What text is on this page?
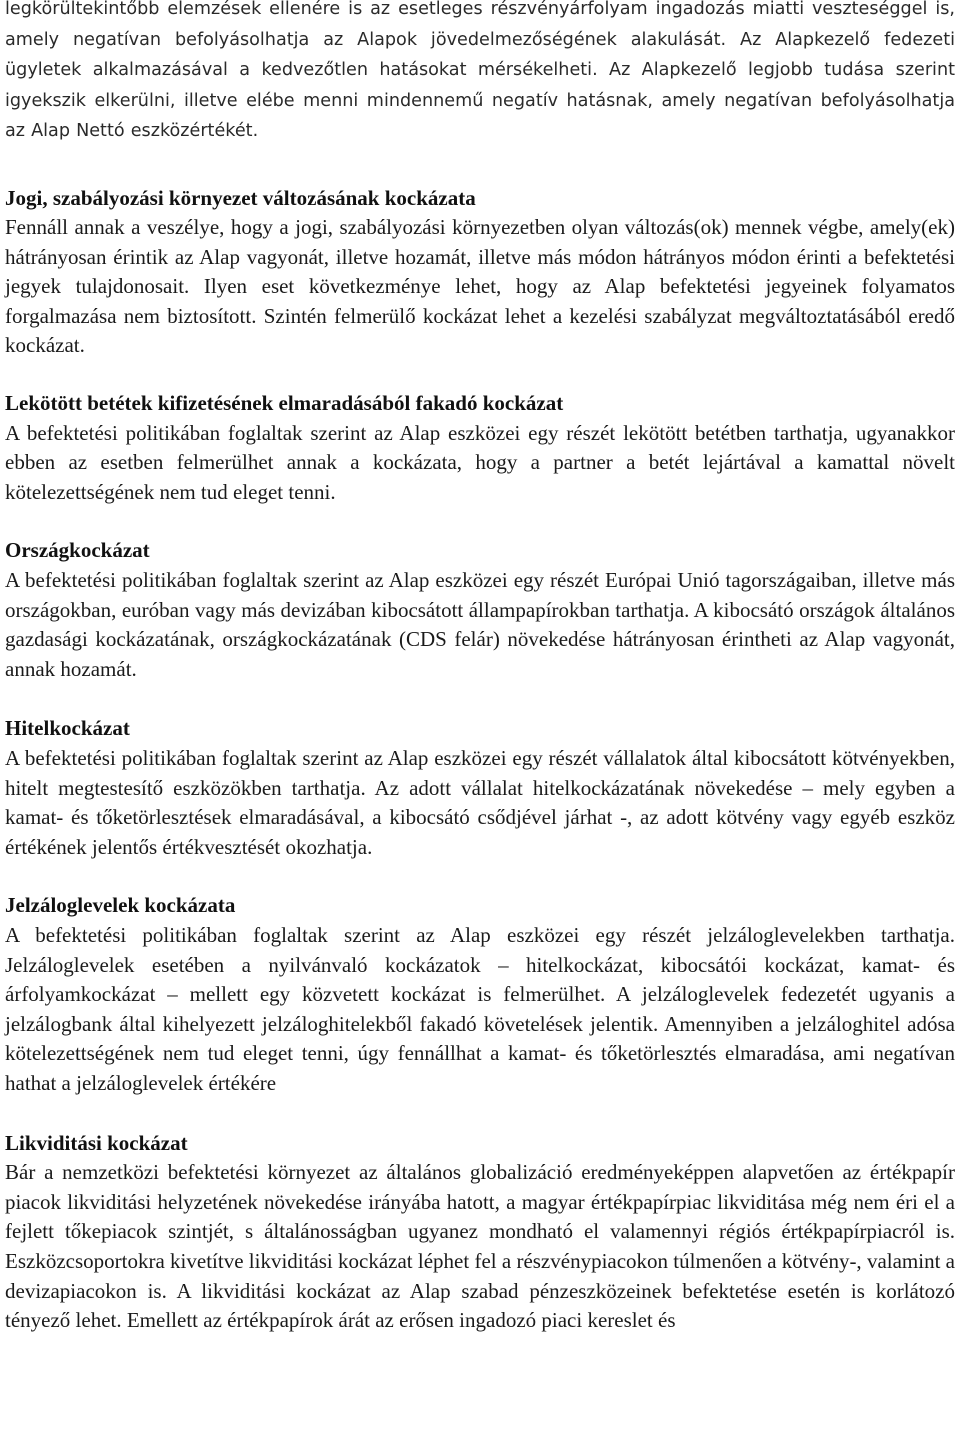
legkörültekintőbb elemzések ellenére is az esetleges részvényárfolyam ingadozás miatti veszteséggel is, amely negatívan befolyásolhatja az Alapok jövedelmezőségének alakulását. Az Alapkezelő fedezeti ügyletek alkalmazásával a kedvezőtlen hatásokat mérsékelheti. Az Alapkezelő legjobb tudása szerint igyekszik elkerülni, illetve elébe menni mindennemű negatív hatásnak, amely negatívan befolyásolhatja az Alap Nettó eszközértékét.

Jogi, szabályozási környezet változásának kockázata

Fennáll annak a veszélye, hogy a jogi, szabályozási környezetben olyan változás(ok) mennek végbe, amely(ek) hátrányosan érintik az Alap vagyonát, illetve hozamát, illetve más módon hátrányos módon érinti a befektetési jegyek tulajdonosait. Ilyen eset következménye lehet, hogy az Alap befektetési jegyeinek folyamatos forgalmazása nem biztosított. Szintén felmerülő kockázat lehet a kezelési szabályzat megváltoztatásából eredő kockázat.

Lekötött betétek kifizetésének elmaradásából fakadó kockázat

A befektetési politikában foglaltak szerint az Alap eszközei egy részét lekötött betétben tarthatja, ugyanakkor ebben az esetben felmerülhet annak a kockázata, hogy a partner a betét lejártával a kamattal növelt kötelezettségének nem tud eleget tenni.

Országkockázat

A befektetési politikában foglaltak szerint az Alap eszközei egy részét Európai Unió tagországaiban, illetve más országokban, euróban vagy más devizában kibocsátott állampapírokban tarthatja. A kibocsátó országok általános gazdasági kockázatának, országkockázatának (CDS felár) növekedése hátrányosan érintheti az Alap vagyonát, annak hozamát.

Hitelkockázat

A befektetési politikában foglaltak szerint az Alap eszközei egy részét vállalatok által kibocsátott kötvényekben, hitelt megtestesítő eszközökben tarthatja. Az adott vállalat hitelkockázatának növekedése – mely egyben a kamat- és tőketörlesztések elmaradásával, a kibocsátó csődjével járhat -, az adott kötvény vagy egyéb eszköz értékének jelentős értékvesztését okozhatja.

Jelzáloglevelek kockázata

A befektetési politikában foglaltak szerint az Alap eszközei egy részét jelzáloglevelekben tarthatja. Jelzáloglevelek esetében a nyilvánvaló kockázatok – hitelkockázat, kibocsátói kockázat, kamat- és árfolyamkockázat – mellett egy közvetett kockázat is felmerülhet. A jelzáloglevelek fedezetét ugyanis a jelzálogbank által kihelyezett jelzáloghitelekből fakadó követelések jelentik. Amennyiben a jelzáloghitel adósa kötelezettségének nem tud eleget tenni, úgy fennállhat a kamat- és tőketörlesztés elmaradása, ami negatívan hathat a jelzáloglevelek értékére

Likviditási kockázat

Bár a nemzetközi befektetési környezet az általános globalizáció eredményeképpen alapvetően az értékpapír piacok likviditási helyzetének növekedése irányába hatott, a magyar értékpapírpiac likviditása még nem éri el a fejlett tőkepiacok szintjét, s általánosságban ugyanez mondható el valamennyi régiós értékpapírpiacról is. Eszközcsoportokra kivetítve likviditási kockázat léphet fel a részvénypiacokon túlmenően a kötvény-, valamint a devizapiacokon is. A likviditási kockázat az Alap szabad pénzeszközeinek befektetése esetén is korlátozó tényező lehet. Emellett az értékpapírok árát az erősen ingadozó piaci kereslet és
